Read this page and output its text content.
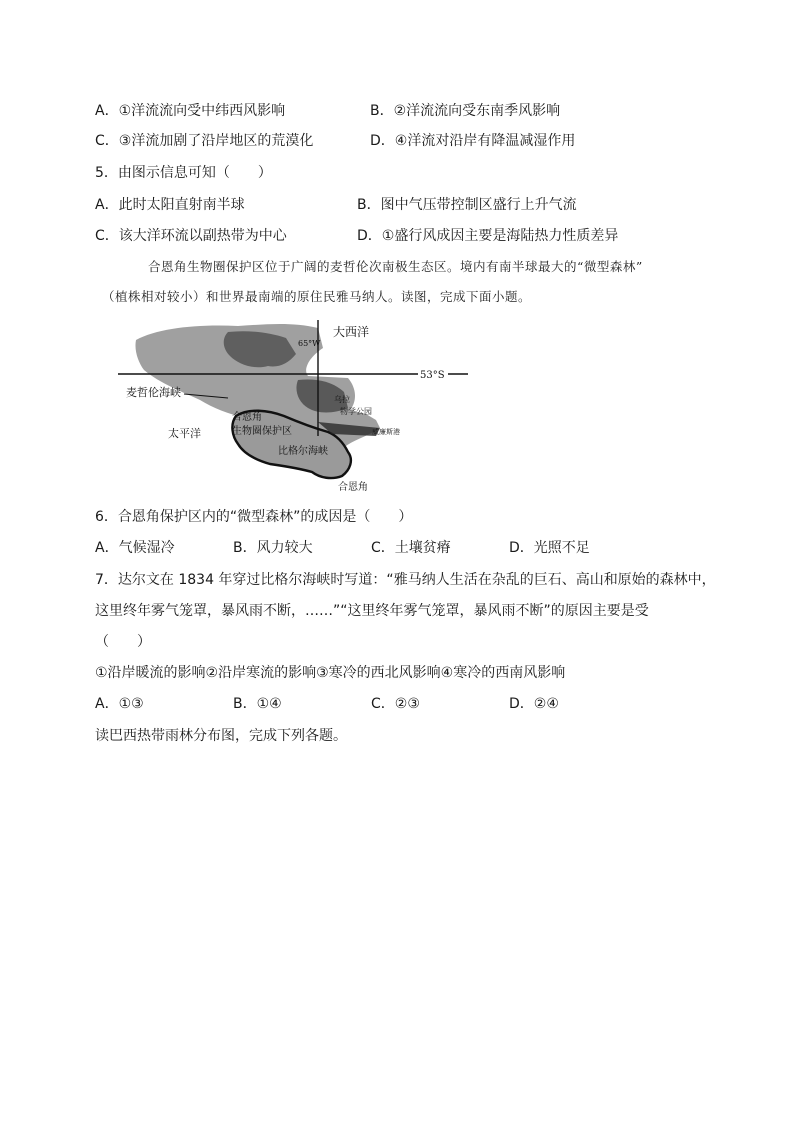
A．①洋流流向受中纬西风影响	B．②洋流流向受东南季风影响
C．③洋流加剧了沿岸地区的荒漠化	D．④洋流对沿岸有降温减湿作用
5．由图示信息可知（　　）
A．此时太阳直射南半球	B．图中气压带控制区盛行上升气流
C．该大洋环流以副热带为中心	D．①盛行风成因主要是海陆热力性质差异
合恩角生物圈保护区位于广阔的麦哲伦次南极生态区。境内有南半球最大的“微型森林”
（植株相对较小）和世界最南端的原住民雅马纳人。读图，完成下面小题。
大西洋
65°W
53°S
麦哲伦海峡
太平洋
合恩角
生物圈保护区
比格尔海峡
合恩角
乌拉
物学公园
威廉斯港
6．合恩角保护区内的“微型森林”的成因是（　　）
A．气候湿冷	B．风力较大	C．土壤贫瘠	D．光照不足
7．达尔文在 1834 年穿过比格尔海峡时写道：“雅马纳人生活在杂乱的巨石、高山和原始的森林中，
这里终年雾气笼罩，暴风雨不断，……”“这里终年雾气笼罩，暴风雨不断”的原因主要是受
（　　）
①沿岸暖流的影响②沿岸寒流的影响③寒冷的西北风影响④寒冷的西南风影响
A．①③	B．①④	C．②③	D．②④
读巴西热带雨林分布图，完成下列各题。
